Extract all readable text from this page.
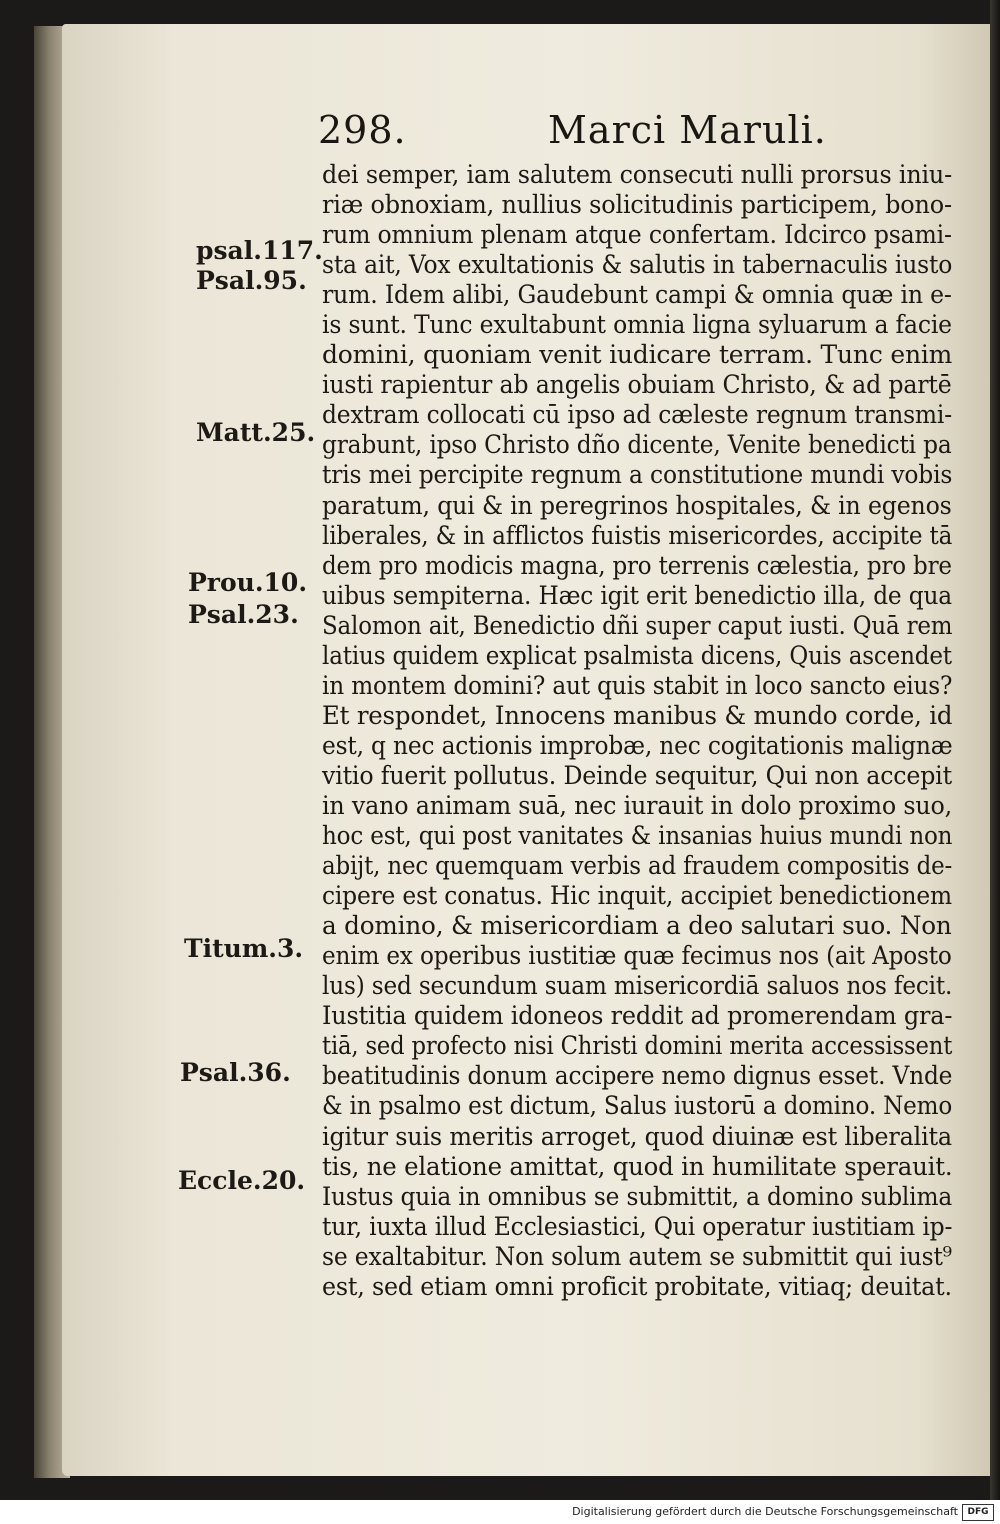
298.	Marci Maruli.
psal.117.
Psal.95.
Matt.25.
Prou.10.
Psal.23.
Titum.3.
Psal.36.
Eccle.20.
dei semper, iam salutem consecuti nulli prorsus iniu-
riæ obnoxiam, nullius solicitudinis participem, bono-
rum omnium plenam atque confertam. Idcirco psami-
sta ait, Vox exultationis & salutis in tabernaculis iusto
rum. Idem alibi, Gaudebunt campi & omnia quæ in e-
is sunt. Tunc exultabunt omnia ligna syluarum a facie
domini, quoniam venit iudicare terram. Tunc enim
iusti rapientur ab angelis obuiam Christo, & ad partē
dextram collocati cū ipso ad cæleste regnum transmi-
grabunt, ipso Christo dño dicente, Venite benedicti pa
tris mei percipite regnum a constitutione mundi vobis
paratum, qui & in peregrinos hospitales, & in egenos
liberales, & in afflictos fuistis misericordes, accipite tā
dem pro modicis magna, pro terrenis cælestia, pro bre
uibus sempiterna. Hæc igit erit benedictio illa, de qua
Salomon ait, Benedictio dñi super caput iusti. Quā rem
latius quidem explicat psalmista dicens, Quis ascendet
in montem domini? aut quis stabit in loco sancto eius?
Et respondet, Innocens manibus & mundo corde, id
est, q nec actionis improbæ, nec cogitationis malignæ
vitio fuerit pollutus. Deinde sequitur, Qui non accepit
in vano animam suā, nec iurauit in dolo proximo suo,
hoc est, qui post vanitates & insanias huius mundi non
abijt, nec quemquam verbis ad fraudem compositis de-
cipere est conatus. Hic inquit, accipiet benedictionem
a domino, & misericordiam a deo salutari suo. Non
enim ex operibus iustitiæ quæ fecimus nos (ait Aposto
lus) sed secundum suam misericordiā saluos nos fecit.
Iustitia quidem idoneos reddit ad promerendam gra-
tiā, sed profecto nisi Christi domini merita accessissent
beatitudinis donum accipere nemo dignus esset. Vnde
& in psalmo est dictum, Salus iustorū a domino. Nemo
igitur suis meritis arroget, quod diuinæ est liberalita
tis, ne elatione amittat, quod in humilitate sperauit.
Iustus quia in omnibus se submittit, a domino sublima
tur, iuxta illud Ecclesiastici, Qui operatur iustitiam ip-
se exaltabitur. Non solum autem se submittit qui iust⁹
est, sed etiam omni proficit probitate, vitiaq; deuitat.
Digitalisierung gefördert durch die Deutsche Forschungsgemeinschaft	DFG
